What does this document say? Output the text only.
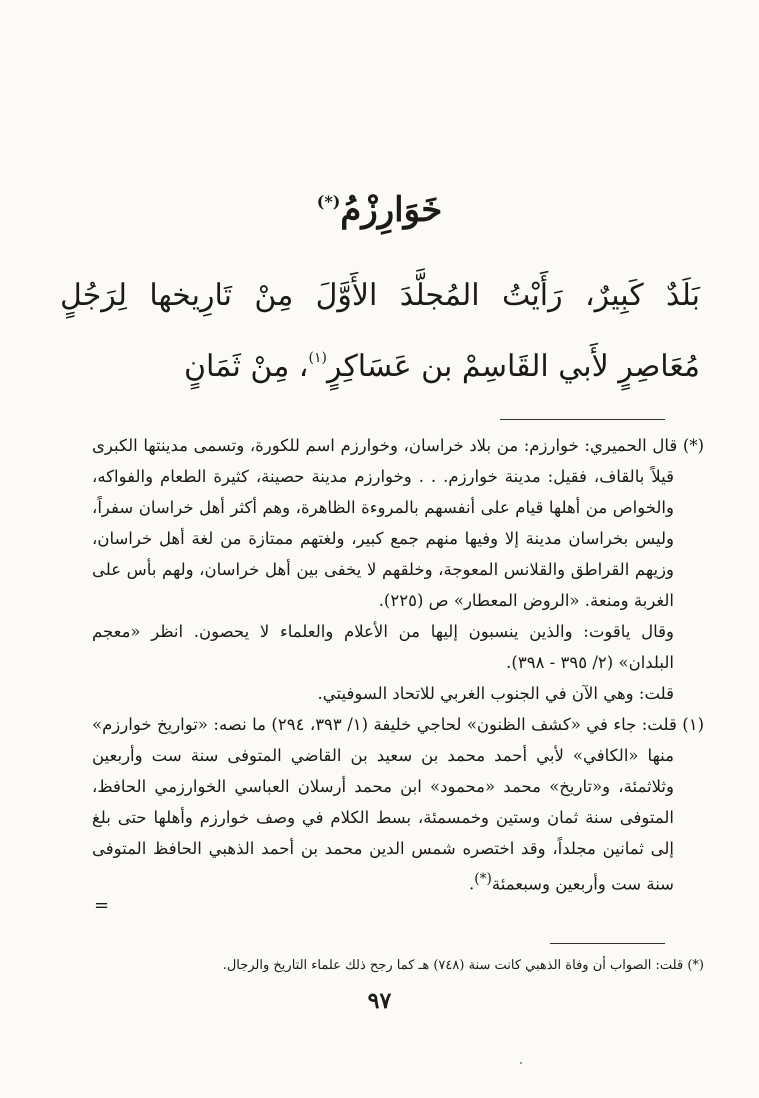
خَوَارِزْمُ(*)
بَلَدٌ كَبِيرٌ، رَأَيْتُ المُجلَّدَ الأَوَّلَ مِنْ تَارِيخها لِرَجُلٍ مُعَاصِرٍ لأَبي القَاسِمْ بن عَسَاكِرٍ$^{(١)}$، مِنْ ثَمَانٍ

(*) قال الحميري: خوارزم: من بلاد خراسان، وخوارزم اسم للكورة، وتسمى مدينتها الكبرى قيلاً بالقاف، فقيل: مدينة خوارزم. . . وخوارزم مدينة حصينة، كثيرة الطعام والفواكه، والخواص من أهلها قيام على أنفسهم بالمروءة الظاهرة، وهم أكثر أهل خراسان سفراً، وليس بخراسان مدينة إلا وفيها منهم جمع كبير، ولغتهم ممتازة من لغة أهل خراسان، وزيهم القراطق والقلانس المعوجة، وخلقهم لا يخفى بين أهل خراسان، ولهم بأس على الغربة ومنعة. «الروض المعطار» ص (٢٢٥).

وقال ياقوت: والذين ينسبون إليها من الأعلام والعلماء لا يحصون. انظر «معجم البلدان» (٢/ ٣٩٥ - ٣٩٨).

قلت: وهي الآن في الجنوب الغربي للاتحاد السوفيتي.

(١) قلت: جاء في «كشف الظنون» لحاجي خليفة (١/ ٣٩٣، ٢٩٤) ما نصه: «تواريخ خوارزم» منها «الكافي» لأبي أحمد محمد بن سعيد بن القاضي المتوفى سنة ست وأربعين وثلاثمئة، و«تاريخ» محمد «محمود» ابن محمد أرسلان العباسي الخوارزمي الحافظ، المتوفى سنة ثمان وستين وخمسمئة، بسط الكلام في وصف خوارزم وأهلها حتى بلغ إلى ثمانين مجلداً، وقد اختصره شمس الدين محمد بن أحمد الذهبي الحافظ المتوفى سنة ست وأربعين وسبعمئة(*).

=
(*) قلت: الصواب أن وفاة الذهبي كانت سنة (٧٤٨) هـ كما رجح ذلك علماء التاريخ والرجال.
٩٧
